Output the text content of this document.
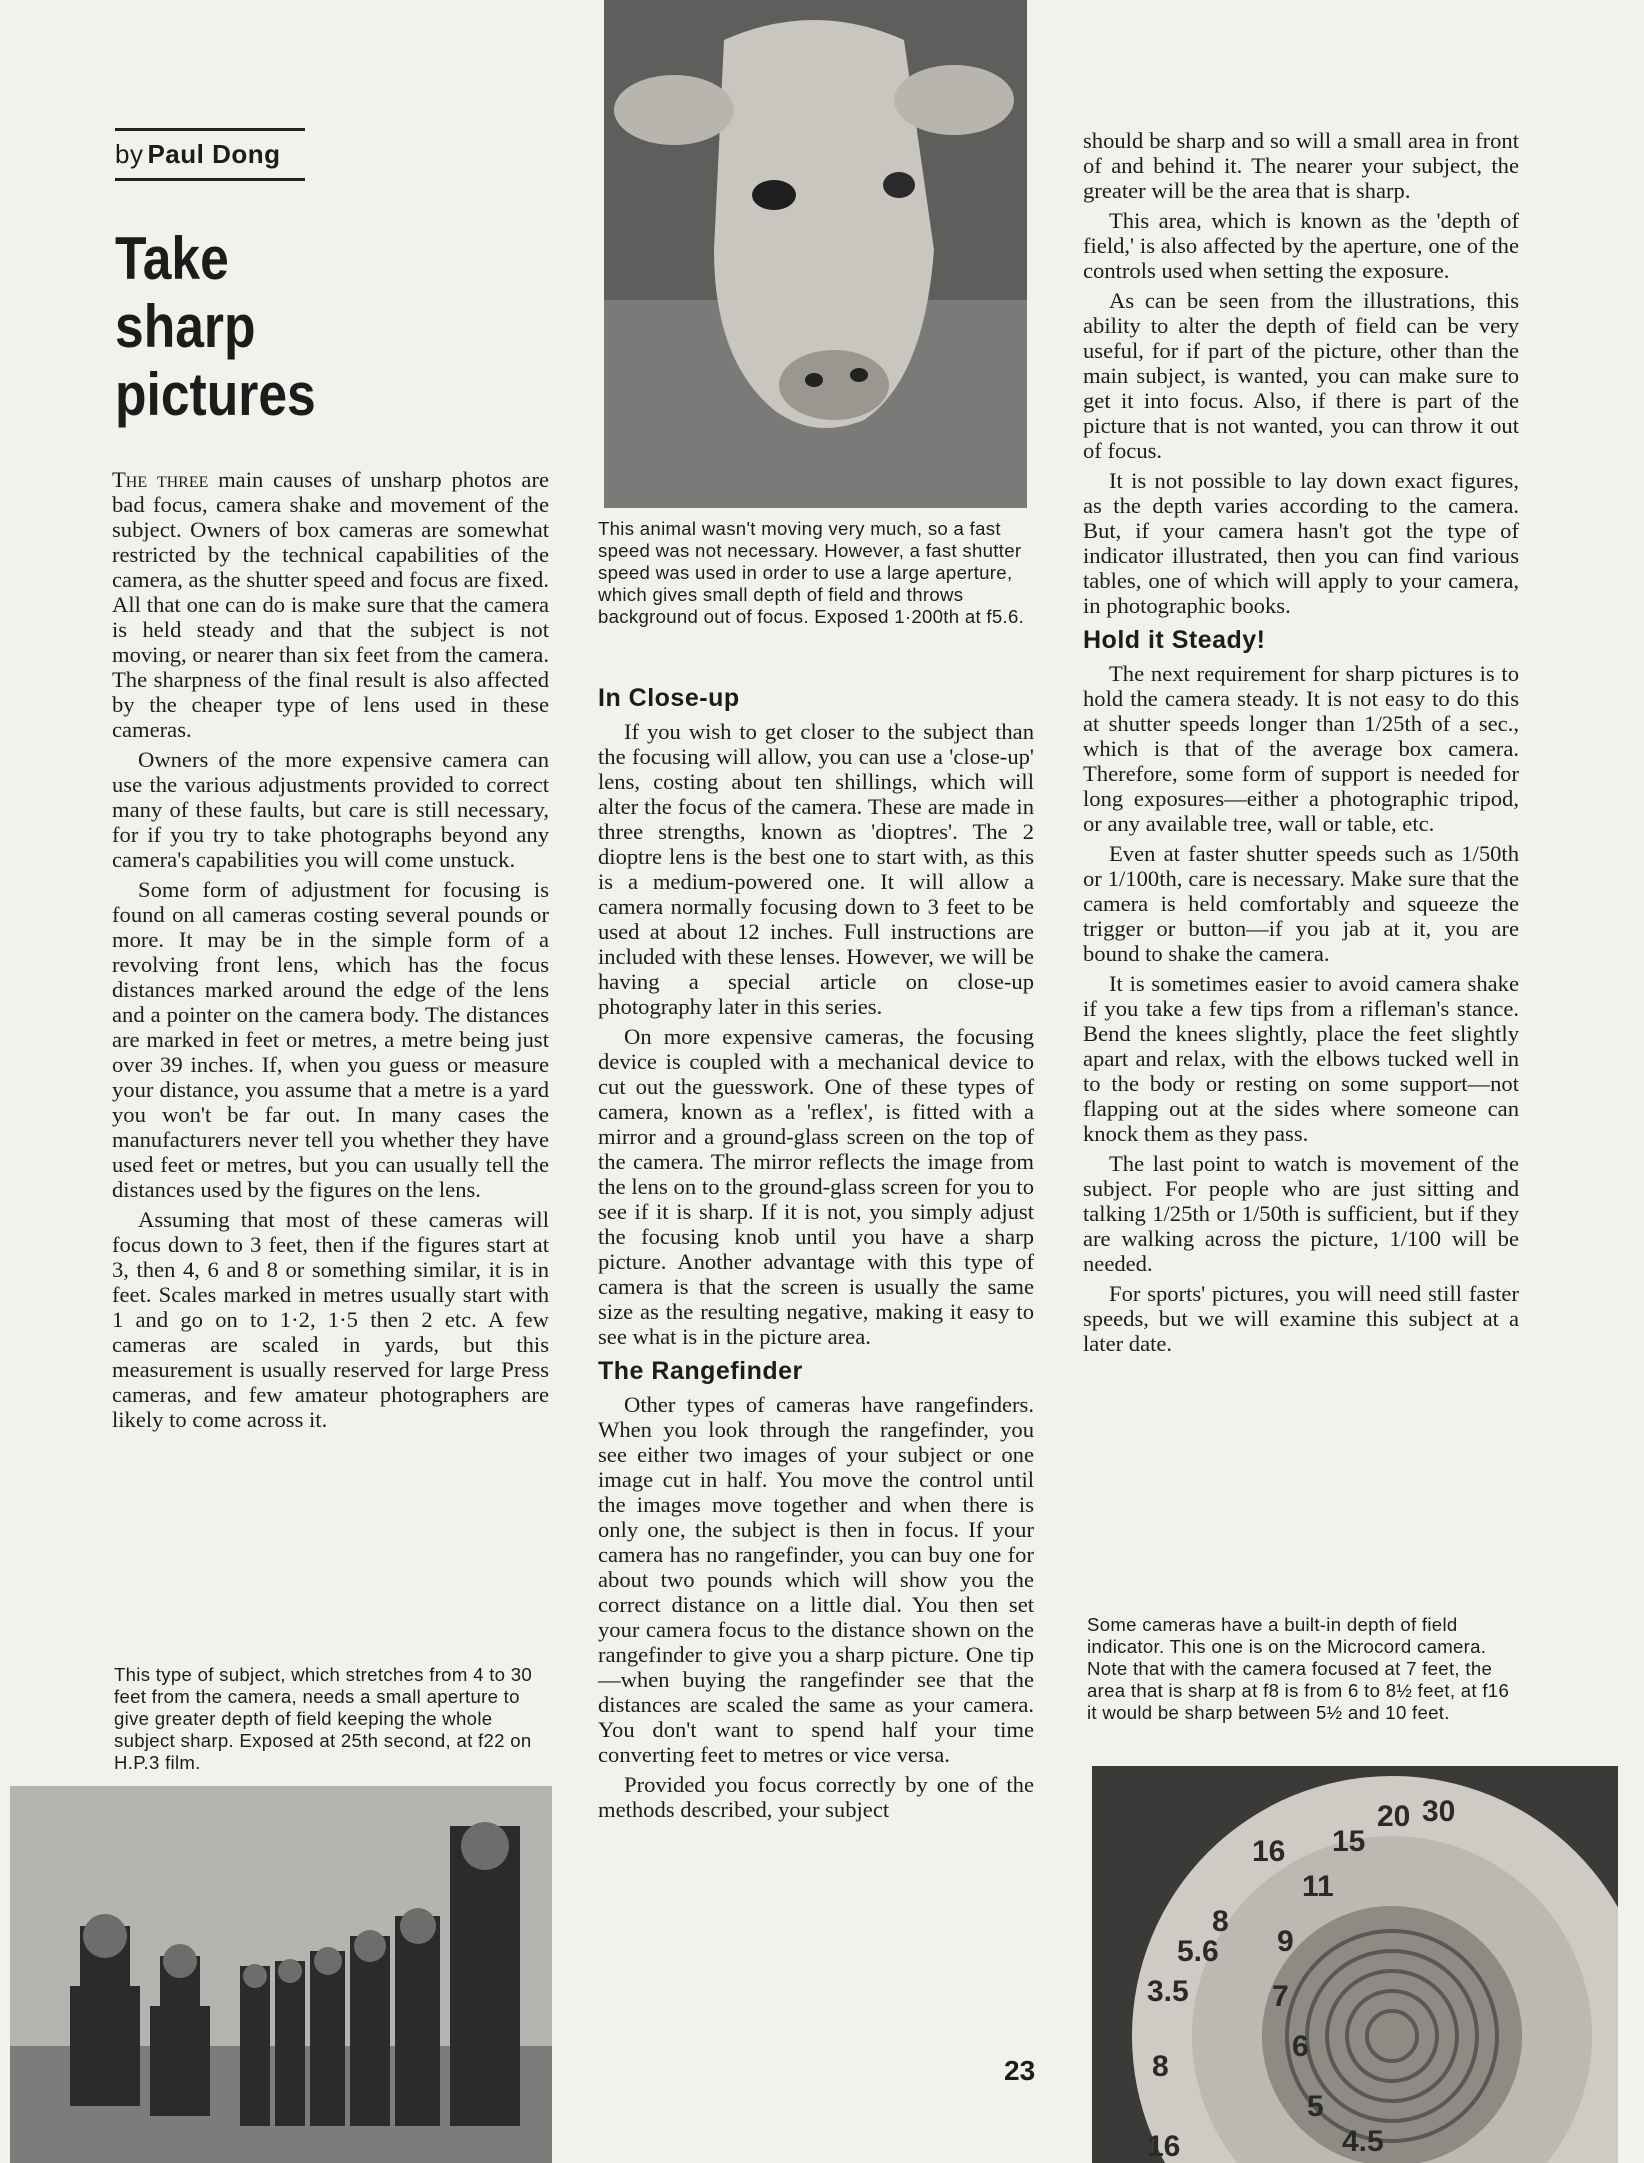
by Paul Dong
Take
sharp
pictures

The three main causes of unsharp photos are bad focus, camera shake and movement of the subject. Owners of box cameras are somewhat restricted by the technical capabilities of the camera, as the shutter speed and focus are fixed. All that one can do is make sure that the camera is held steady and that the subject is not moving, or nearer than six feet from the camera. The sharpness of the final result is also affected by the cheaper type of lens used in these cameras.

Owners of the more expensive camera can use the various adjustments provided to correct many of these faults, but care is still necessary, for if you try to take photographs beyond any camera's capabilities you will come unstuck.

Some form of adjustment for focusing is found on all cameras costing several pounds or more. It may be in the simple form of a revolving front lens, which has the focus distances marked around the edge of the lens and a pointer on the camera body. The distances are marked in feet or metres, a metre being just over 39 inches. If, when you guess or measure your distance, you assume that a metre is a yard you won't be far out. In many cases the manufacturers never tell you whether they have used feet or metres, but you can usually tell the distances used by the figures on the lens.

Assuming that most of these cameras will focus down to 3 feet, then if the figures start at 3, then 4, 6 and 8 or something similar, it is in feet. Scales marked in metres usually start with 1 and go on to 1·2, 1·5 then 2 etc. A few cameras are scaled in yards, but this measurement is usually reserved for large Press cameras, and few amateur photographers are likely to come across it.

This type of subject, which stretches from 4 to 30 feet from the camera, needs a small aperture to give greater depth of field keeping the whole subject sharp. Exposed at 25th second, at f22 on H.P.3 film.
This animal wasn't moving very much, so a fast speed was not necessary. However, a fast shutter speed was used in order to use a large aperture, which gives small depth of field and throws background out of focus. Exposed 1·200th at f5.6.
In Close-up

If you wish to get closer to the subject than the focusing will allow, you can use a 'close-up' lens, costing about ten shillings, which will alter the focus of the camera. These are made in three strengths, known as 'dioptres'. The 2 dioptre lens is the best one to start with, as this is a medium-powered one. It will allow a camera normally focusing down to 3 feet to be used at about 12 inches. Full instructions are included with these lenses. However, we will be having a special article on close-up photography later in this series.

On more expensive cameras, the focusing device is coupled with a mechanical device to cut out the guesswork. One of these types of camera, known as a 'reflex', is fitted with a mirror and a ground-glass screen on the top of the camera. The mirror reflects the image from the lens on to the ground-glass screen for you to see if it is sharp. If it is not, you simply adjust the focusing knob until you have a sharp picture. Another advantage with this type of camera is that the screen is usually the same size as the resulting negative, making it easy to see what is in the picture area.

The Rangefinder

Other types of cameras have rangefinders. When you look through the rangefinder, you see either two images of your subject or one image cut in half. You move the control until the images move together and when there is only one, the subject is then in focus. If your camera has no rangefinder, you can buy one for about two pounds which will show you the correct distance on a little dial. You then set your camera focus to the distance shown on the rangefinder to give you a sharp picture. One tip—when buying the rangefinder see that the distances are scaled the same as your camera. You don't want to spend half your time converting feet to metres or vice versa.

Provided you focus correctly by one of the methods described, your subject

should be sharp and so will a small area in front of and behind it. The nearer your subject, the greater will be the area that is sharp.

This area, which is known as the 'depth of field,' is also affected by the aperture, one of the controls used when setting the exposure.

As can be seen from the illustrations, this ability to alter the depth of field can be very useful, for if part of the picture, other than the main subject, is wanted, you can make sure to get it into focus. Also, if there is part of the picture that is not wanted, you can throw it out of focus.

It is not possible to lay down exact figures, as the depth varies according to the camera. But, if your camera hasn't got the type of indicator illustrated, then you can find various tables, one of which will apply to your camera, in photographic books.

Hold it Steady!

The next requirement for sharp pictures is to hold the camera steady. It is not easy to do this at shutter speeds longer than 1/25th of a sec., which is that of the average box camera. Therefore, some form of support is needed for long exposures—either a photographic tripod, or any available tree, wall or table, etc.

Even at faster shutter speeds such as 1/50th or 1/100th, care is necessary. Make sure that the camera is held comfortably and squeeze the trigger or button—if you jab at it, you are bound to shake the camera.

It is sometimes easier to avoid camera shake if you take a few tips from a rifleman's stance. Bend the knees slightly, place the feet slightly apart and relax, with the elbows tucked well in to the body or resting on some support—not flapping out at the sides where someone can knock them as they pass.

The last point to watch is movement of the subject. For people who are just sitting and talking 1/25th or 1/50th is sufficient, but if they are walking across the picture, 1/100 will be needed.

For sports' pictures, you will need still faster speeds, but we will examine this subject at a later date.

Some cameras have a built-in depth of field indicator. This one is on the Microcord camera. Note that with the camera focused at 7 feet, the area that is sharp at f8 is from 6 to 8½ feet, at f16 it would be sharp between 5½ and 10 feet.
16
11
8
5.6
3.5
9
7
6
5
8
16
15
20 30
4.5
23
